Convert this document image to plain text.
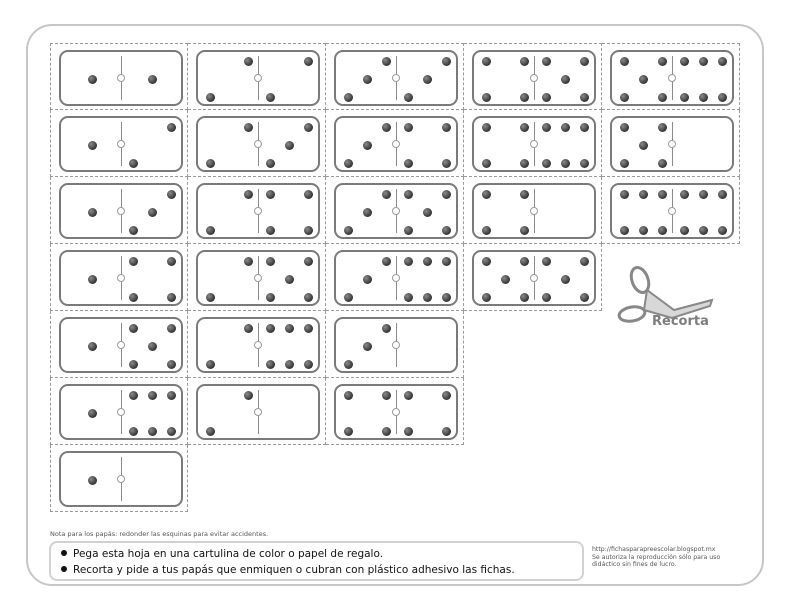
Recorta
Nota para los papás: redonder las esquinas para evitar accidentes.
Pega esta hoja en una cartulina de color o papel de regalo.
Recorta y pide a tus papás que enmiquen o cubran con plástico adhesivo las fichas.
http://fichasparapreescolar.blogspot.mx
Se autoriza la reproducción sólo para uso
didáctico sin fines de lucro.
